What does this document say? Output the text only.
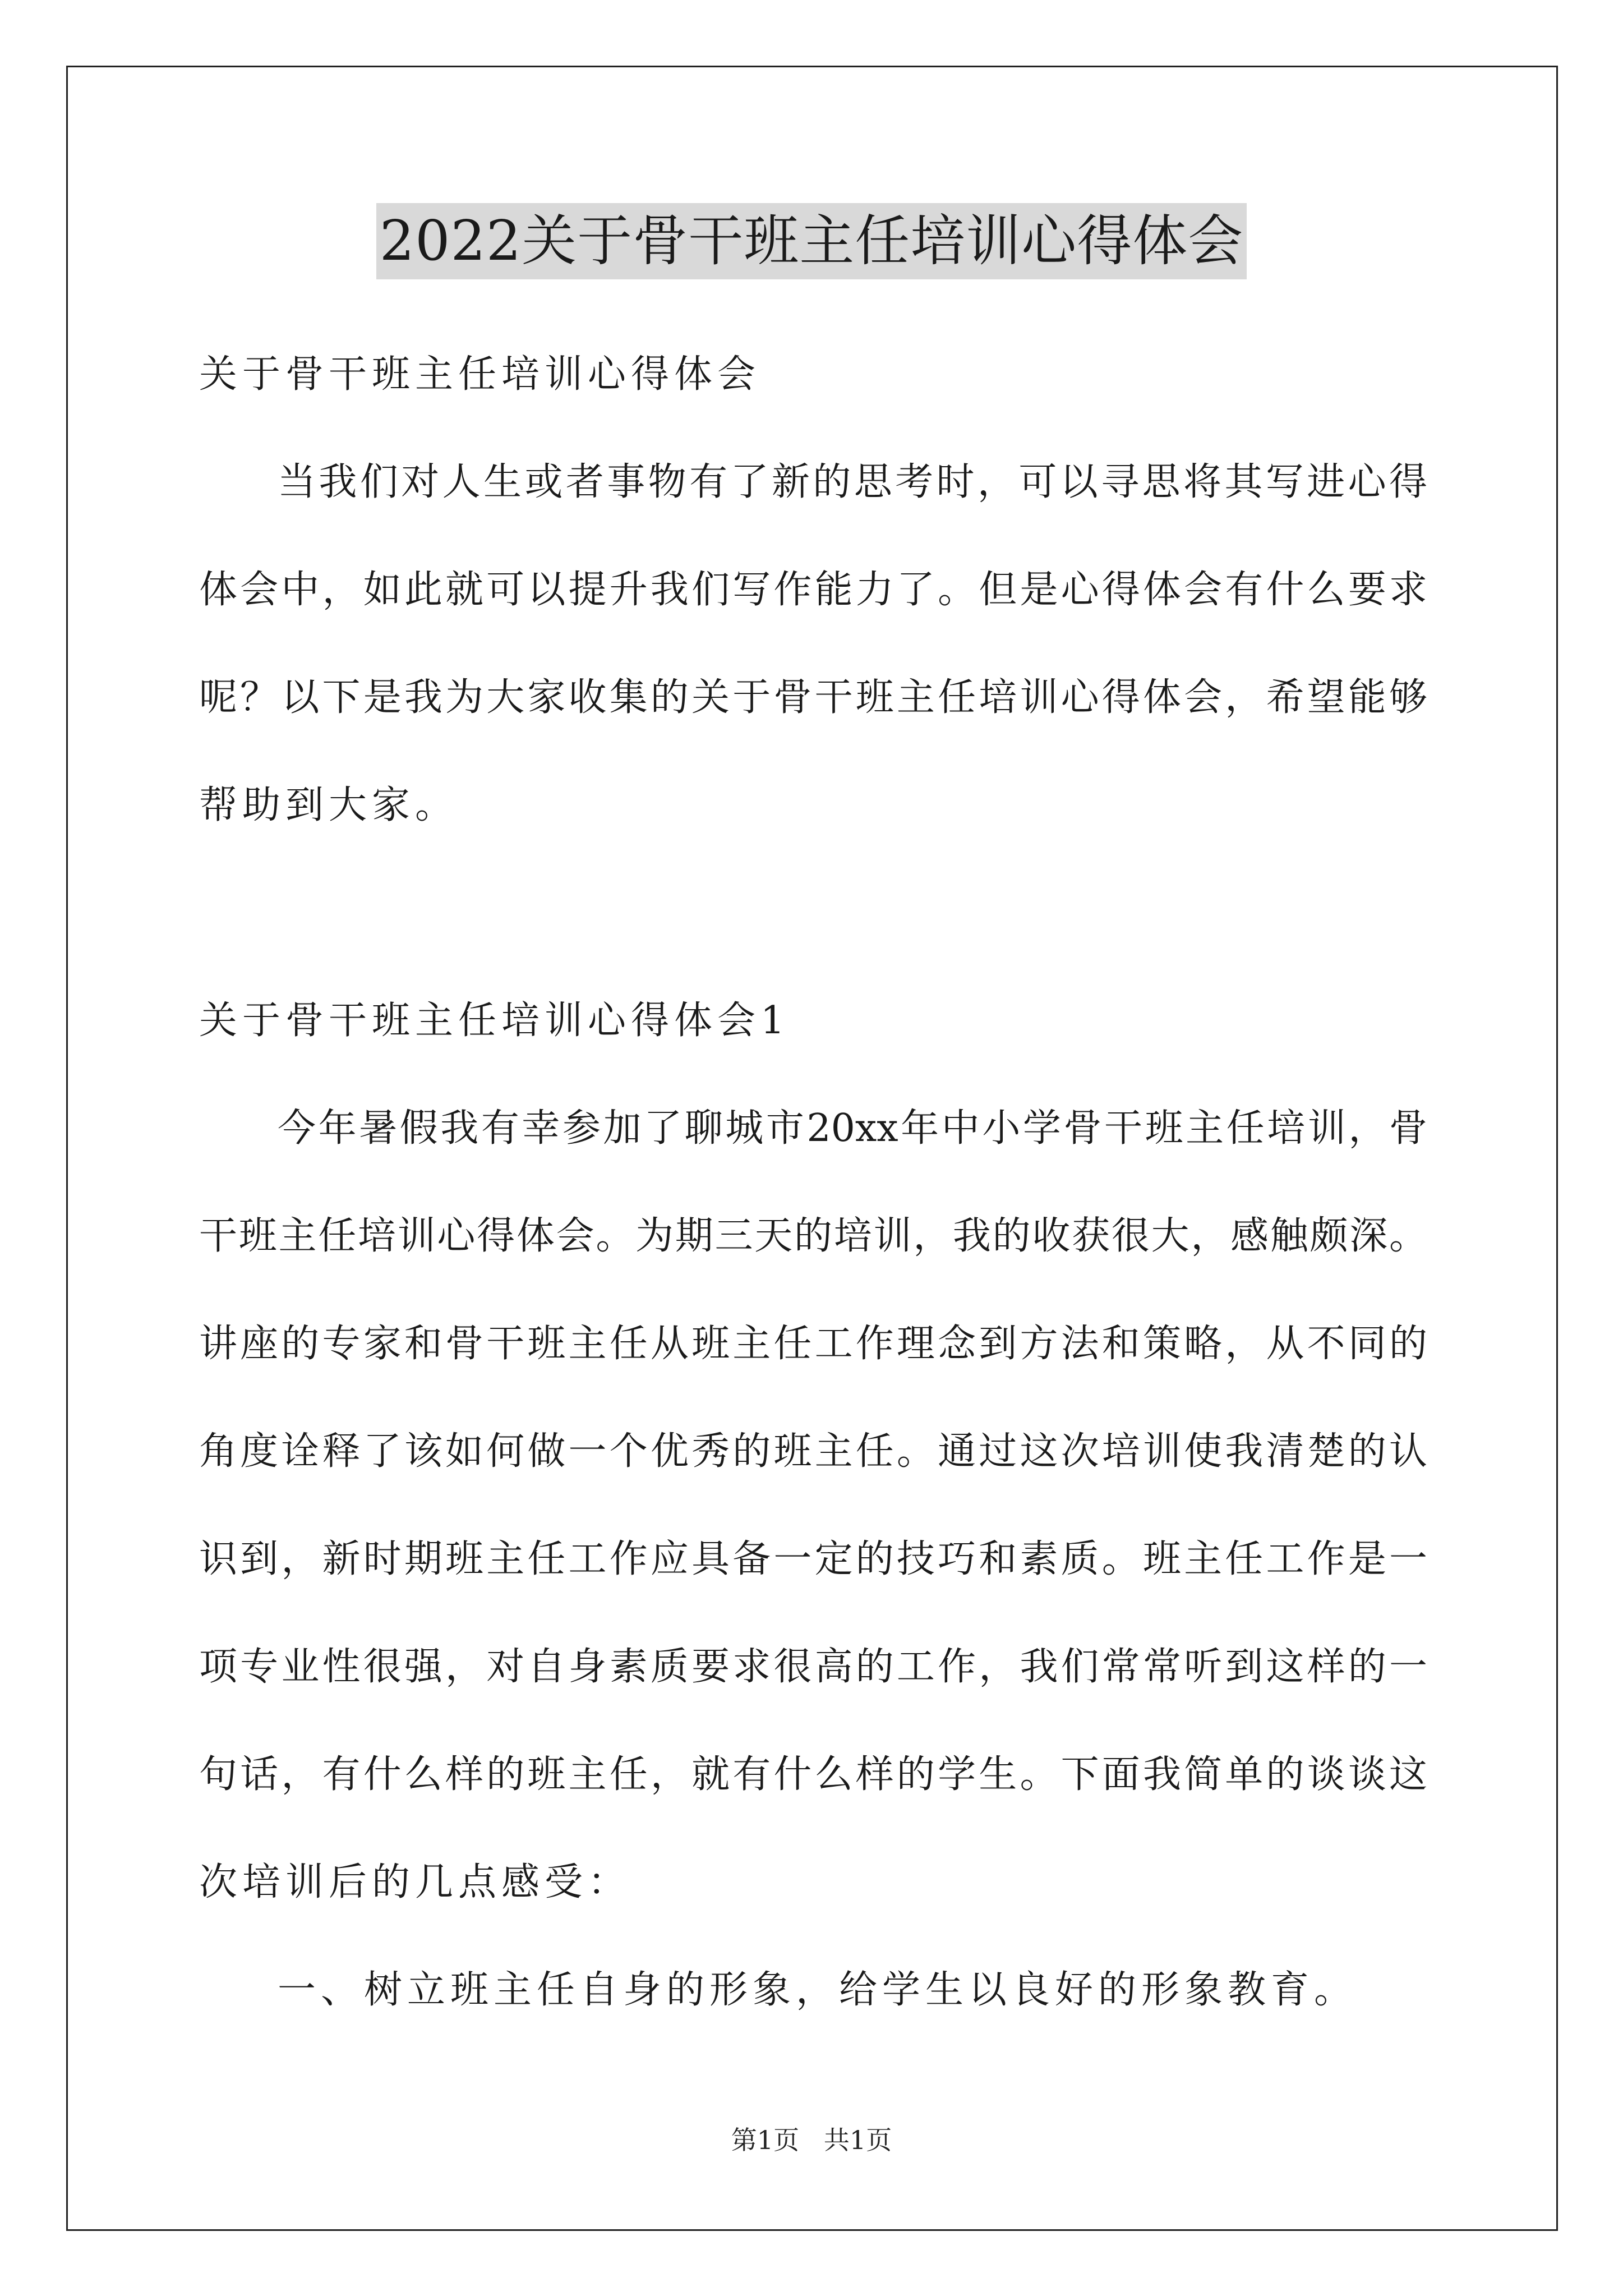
2022关于骨干班主任培训心得体会
关于骨干班主任培训心得体会
当我们对人生或者事物有了新的思考时，可以寻思将其写进心得
体会中，如此就可以提升我们写作能力了。但是心得体会有什么要求
呢？以下是我为大家收集的关于骨干班主任培训心得体会，希望能够
帮助到大家。
关于骨干班主任培训心得体会1
今年暑假我有幸参加了聊城市20xx年中小学骨干班主任培训，骨
干班主任培训心得体会。为期三天的培训，我的收获很大，感触颇深。
讲座的专家和骨干班主任从班主任工作理念到方法和策略，从不同的
角度诠释了该如何做一个优秀的班主任。通过这次培训使我清楚的认
识到，新时期班主任工作应具备一定的技巧和素质。班主任工作是一
项专业性很强，对自身素质要求很高的工作，我们常常听到这样的一
句话，有什么样的班主任，就有什么样的学生。下面我简单的谈谈这
次培训后的几点感受：
一、树立班主任自身的形象，给学生以良好的形象教育。
第1页   共1页
